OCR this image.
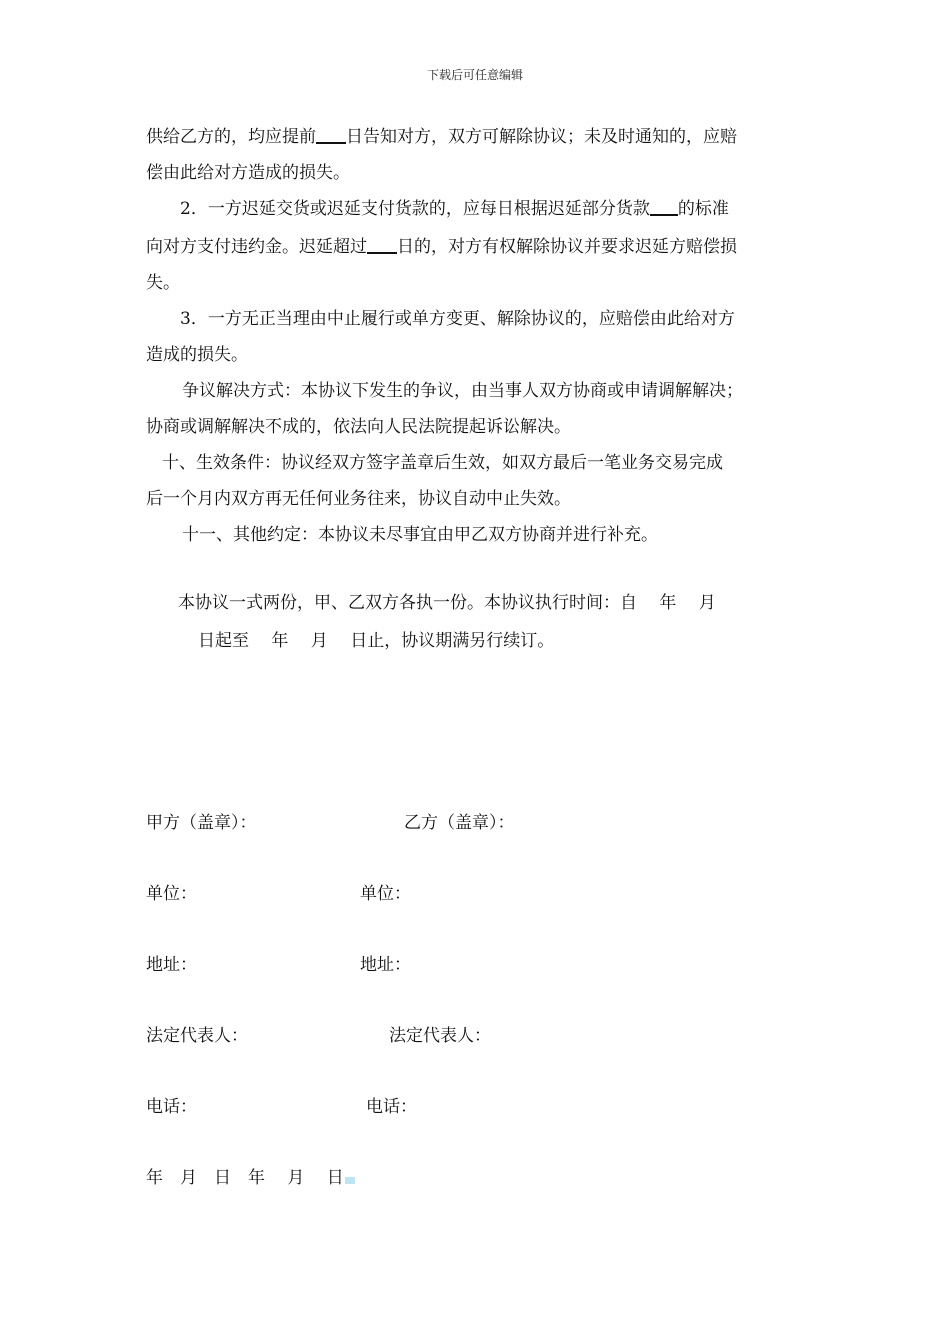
下载后可任意编辑
供给乙方的，均应提前 日告知对方，双方可解除协议；未及时通知的，应赔
偿由此给对方造成的损失。
2．一方迟延交货或迟延支付货款的，应每日根据迟延部分货款 的标准
向对方支付违约金。迟延超过 日的，对方有权解除协议并要求迟延方赔偿损
失。
3．一方无正当理由中止履行或单方变更、解除协议的，应赔偿由此给对方
造成的损失。
争议解决方式：本协议下发生的争议，由当事人双方协商或申请调解解决；
协商或调解解决不成的，依法向人民法院提起诉讼解决。
十、生效条件：协议经双方签字盖章后生效，如双方最后一笔业务交易完成
后一个月内双方再无任何业务往来，协议自动中止失效。
十一、其他约定：本协议未尽事宜由甲乙双方协商并进行补充。
本协议一式两份，甲、乙双方各执一份。本协议执行时间：自　 年　 月
日起至　 年　 月　 日止，协议期满另行续订。
甲方（盖章）：	乙方（盖章）：
单位：	单位：
地址：	地址：
法定代表人：	法定代表人：
电话：	电话：
年　月　日　年　 月　 日
